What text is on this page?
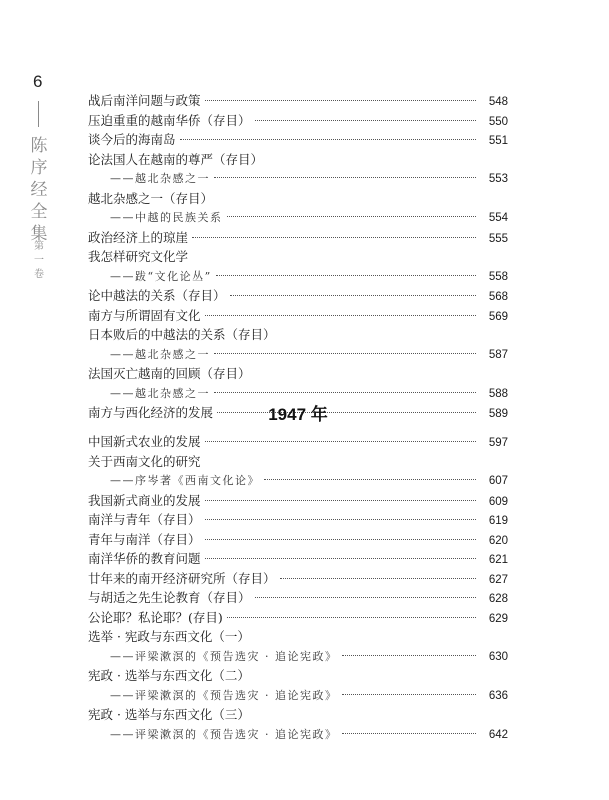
6
陈
序
经
全
集
第
一
卷
战后南洋问题与政策	548
压迫重重的越南华侨（存目）	550
谈今后的海南岛	551
论法国人在越南的尊严（存目）
——越北杂感之一	553
越北杂感之一（存目）
——中越的民族关系	554
政治经济上的琼崖	555
我怎样研究文化学
——跋“文化论丛”	558
论中越法的关系（存目）	568
南方与所谓固有文化	569
日本败后的中越法的关系（存目）
——越北杂感之一	587
法国灭亡越南的回顾（存目）
——越北杂感之一	588
南方与西化经济的发展	589
1947 年
中国新式农业的发展	597
关于西南文化的研究
——序岑著《西南文化论》	607
我国新式商业的发展	609
南洋与青年（存目）	619
青年与南洋（存目）	620
南洋华侨的教育问题	621
廿年来的南开经济研究所（存目）	627
与胡适之先生论教育（存目）	628
公论耶？私论耶？(存目)	629
选举 · 宪政与东西文化（一）
——评梁漱溟的《预告选灾 · 追论宪政》	630
宪政 · 选举与东西文化（二）
——评梁漱溟的《预告选灾 · 追论宪政》	636
宪政 · 选举与东西文化（三）
——评梁漱溟的《预告选灾 · 追论宪政》	642
